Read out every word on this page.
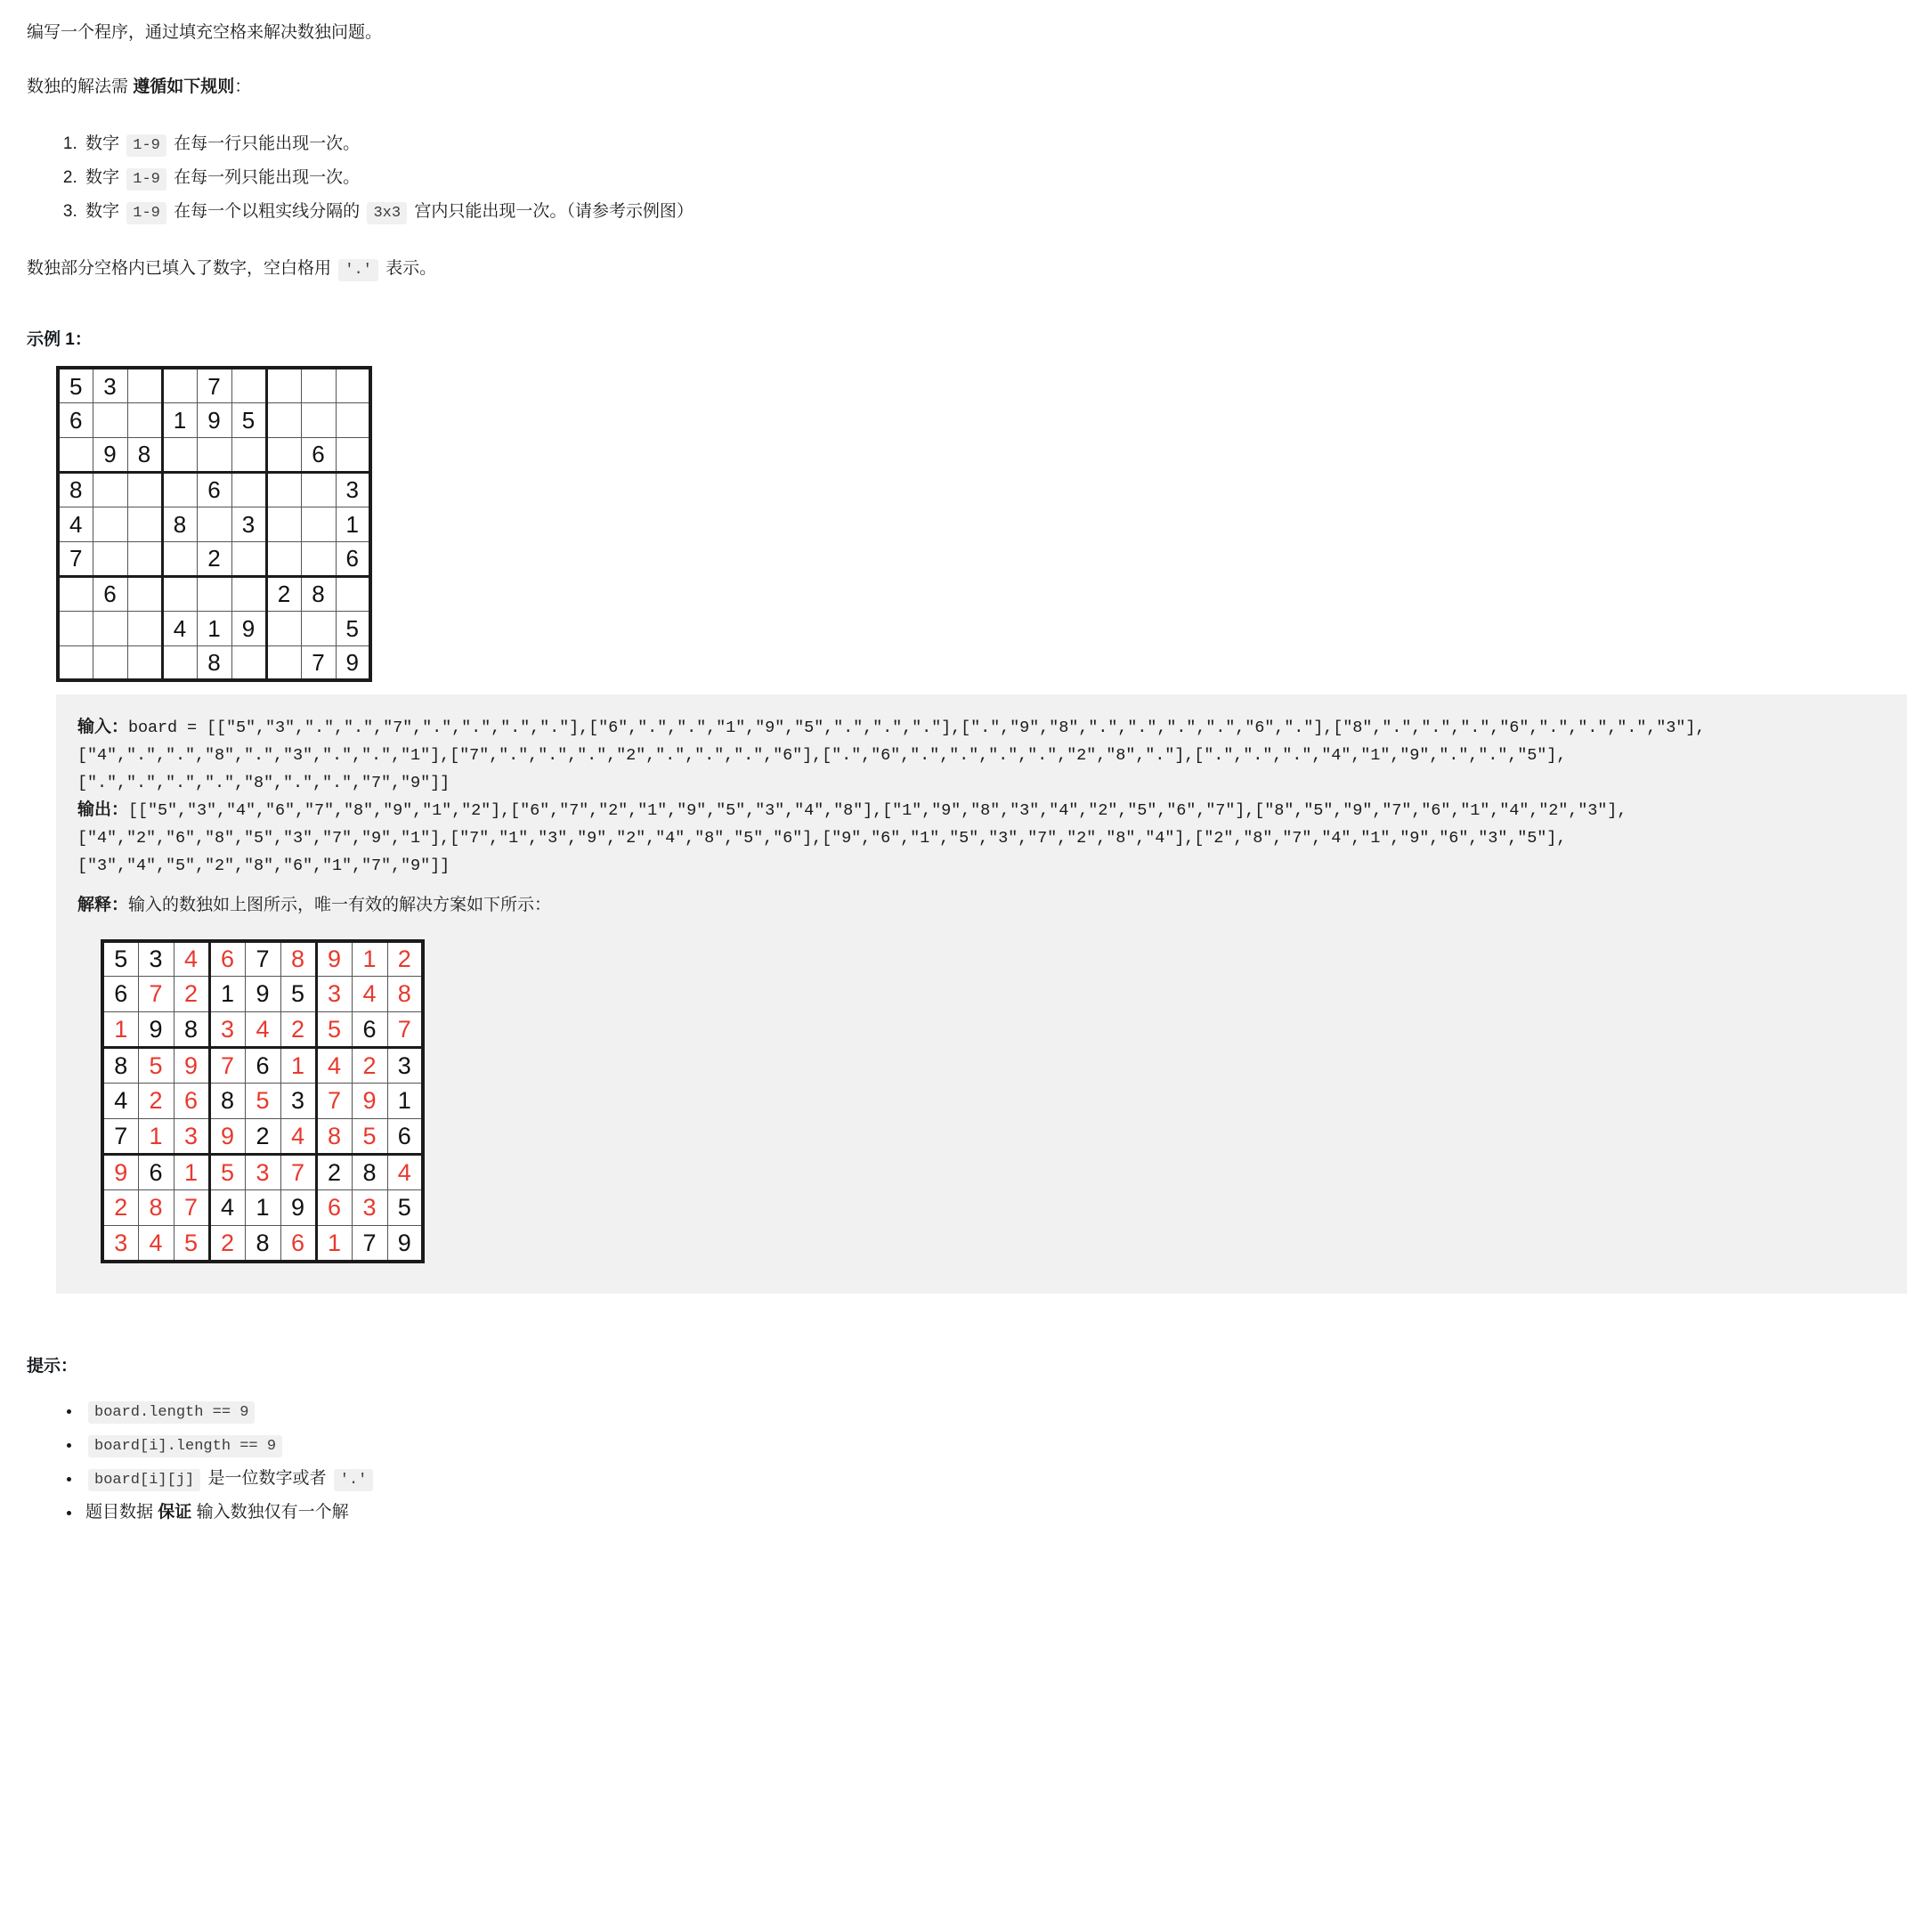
编写一个程序，通过填充空格来解决数独问题。

数独的解法需 遵循如下规则：

1. 数字 1-9 在每一行只能出现一次。
2. 数字 1-9 在每一列只能出现一次。
3. 数字 1-9 在每一个以粗实线分隔的 3x3 宫内只能出现一次。（请参考示例图）

数独部分空格内已填入了数字，空白格用 '.' 表示。

示例 1：
5	3			7				
6			1	9	5			
	9	8					6	
8				6				3
4			8		3			1
7				2				6
	6					2	8	
			4	1	9			5
				8			7	9
输入：board = [["5","3",".",".","7",".",".",".","."],["6",".",".","1","9","5",".",".","."],[".","9","8",".",".",".",".","6","."],["8",".",".",".","6",".",".",".","3"],["4",".",".","8",".","3",".",".","1"],["7",".",".",".","2",".",".",".","6"],[".","6",".",".",".",".","2","8","."],[".",".",".","4","1","9",".",".","5"],[".",".",".",".","8",".",".","7","9"]]
输出：[["5","3","4","6","7","8","9","1","2"],["6","7","2","1","9","5","3","4","8"],["1","9","8","3","4","2","5","6","7"],["8","5","9","7","6","1","4","2","3"],["4","2","6","8","5","3","7","9","1"],["7","1","3","9","2","4","8","5","6"],["9","6","1","5","3","7","2","8","4"],["2","8","7","4","1","9","6","3","5"],["3","4","5","2","8","6","1","7","9"]]
解释：输入的数独如上图所示，唯一有效的解决方案如下所示：
5	3	4	6	7	8	9	1	2
6	7	2	1	9	5	3	4	8
1	9	8	3	4	2	5	6	7
8	5	9	7	6	1	4	2	3
4	2	6	8	5	3	7	9	1
7	1	3	9	2	4	8	5	6
9	6	1	5	3	7	2	8	4
2	8	7	4	1	9	6	3	5
3	4	5	2	8	6	1	7	9
提示：
• board.length == 9
• board[i].length == 9
• board[i][j] 是一位数字或者 '.'
• 题目数据 保证 输入数独仅有一个解
